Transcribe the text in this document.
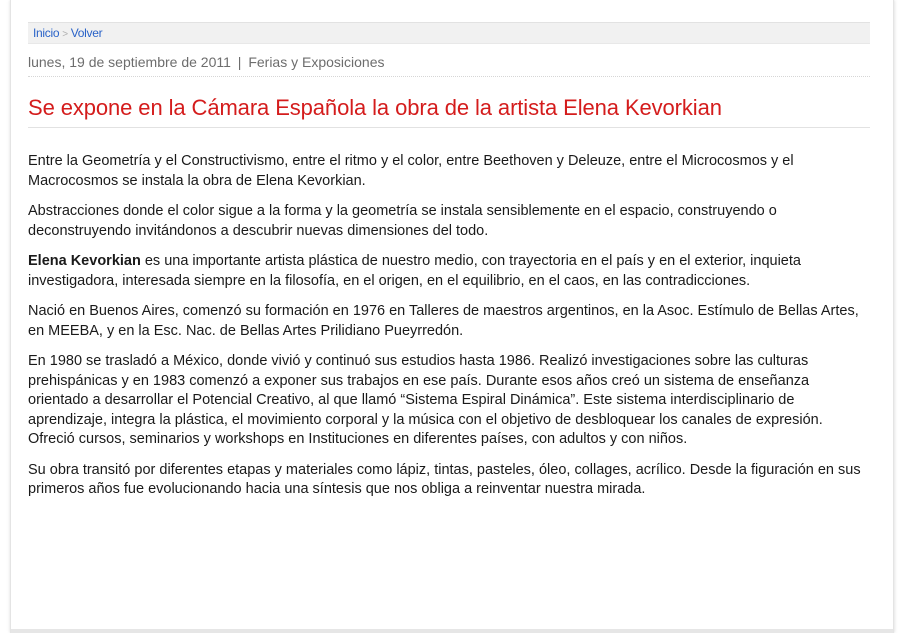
Inicio > Volver
lunes, 19 de septiembre de 2011 | Ferias y Exposiciones
Se expone en la Cámara Española la obra de la artista Elena Kevorkian

Entre la Geometría y el Constructivismo, entre el ritmo y el color, entre Beethoven y Deleuze, entre el Microcosmos y el Macrocosmos se instala la obra de Elena Kevorkian.

Abstracciones donde el color sigue a la forma y la geometría se instala sensiblemente en el espacio, construyendo o deconstruyendo invitándonos a descubrir nuevas dimensiones del todo.

Elena Kevorkian es una importante artista plástica de nuestro medio, con trayectoria en el país y en el exterior, inquieta investigadora, interesada siempre en la filosofía, en el origen, en el equilibrio, en el caos, en las contradicciones.

Nació en Buenos Aires, comenzó su formación en 1976 en Talleres de maestros argentinos, en la Asoc. Estímulo de Bellas Artes, en MEEBA, y en la Esc. Nac. de Bellas Artes Prilidiano Pueyrredón.

En 1980 se trasladó a México, donde vivió y continuó sus estudios hasta 1986. Realizó investigaciones sobre las culturas prehispánicas y en 1983 comenzó a exponer sus trabajos en ese país. Durante esos años creó un sistema de enseñanza orientado a desarrollar el Potencial Creativo, al que llamó “Sistema Espiral Dinámica”. Este sistema interdisciplinario de aprendizaje, integra la plástica, el movimiento corporal y la música con el objetivo de desbloquear los canales de expresión. Ofreció cursos, seminarios y workshops en Instituciones en diferentes países, con adultos y con niños.

Su obra transitó por diferentes etapas y materiales como lápiz, tintas, pasteles, óleo, collages, acrílico. Desde la figuración en sus primeros años fue evolucionando hacia una síntesis que nos obliga a reinventar nuestra mirada.
